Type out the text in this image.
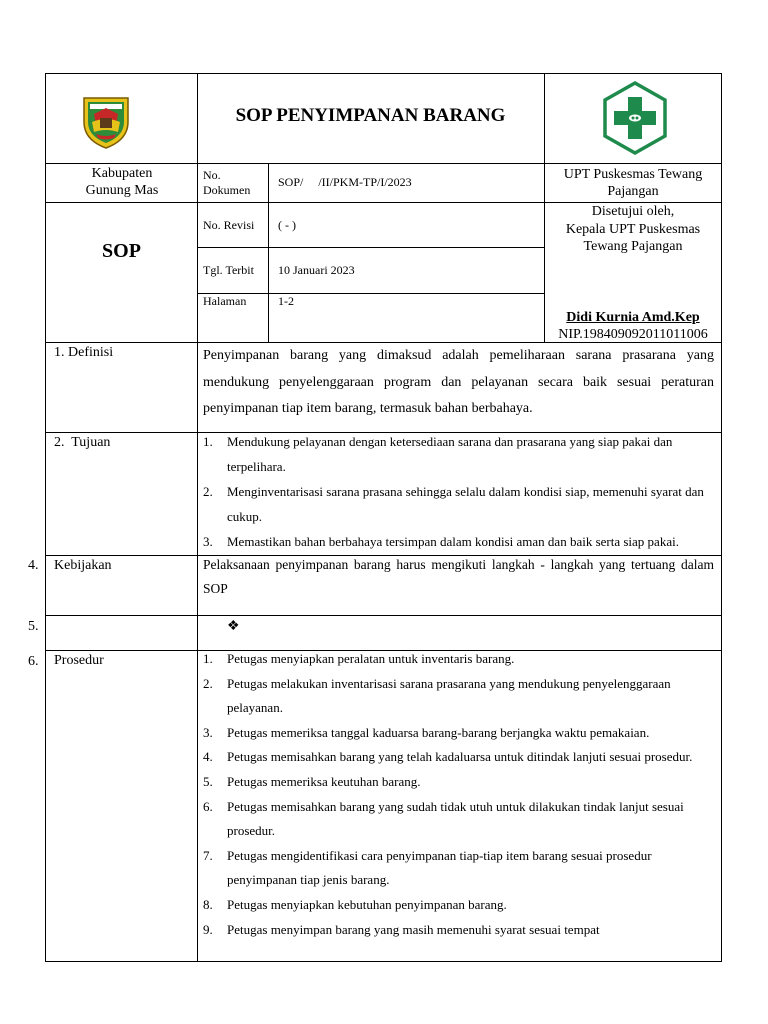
SOP PENYIMPANAN BARANG
Kabupaten Gunung Mas
No. Dokumen
SOP/     /II/PKM-TP/I/2023	UPT Puskesmas Tewang Pajangan
SOP
No. Revisi ( - )
Tgl. Terbit 10 Januari 2023
Halaman	1-2
Disetujui oleh,
Kepala UPT Puskesmas Tewang Pajangan
Didi Kurnia Amd.Kep
NIP.198409092011011006
1. Definisi	Penyimpanan barang yang dimaksud adalah pemeliharaan sarana prasarana yang mendukung penyelenggaraan program dan pelayanan secara baik sesuai peraturan penyimpanan tiap item barang, termasuk bahan berbahaya.
2.  Tujuan	1. Mendukung pelayanan dengan ketersediaan sarana dan prasarana yang siap pakai dan terpelihara.
2. Menginventarisasi sarana prasana sehingga selalu dalam kondisi siap, memenuhi syarat dan cukup.
3. Memastikan bahan berbahaya tersimpan dalam kondisi aman dan baik serta siap pakai.
4. Kebijakan	Pelaksanaan penyimpanan barang harus mengikuti langkah - langkah yang tertuang dalam SOP
5.	❖
6. Prosedur	1. Petugas menyiapkan peralatan untuk inventaris barang.
2. Petugas melakukan inventarisasi sarana prasarana yang mendukung penyelenggaraan pelayanan.
3. Petugas memeriksa tanggal kaduarsa barang-barang berjangka waktu pemakaian.
4. Petugas memisahkan barang yang telah kadaluarsa untuk ditindak lanjuti sesuai prosedur.
5. Petugas memeriksa keutuhan barang.
6. Petugas memisahkan barang yang sudah tidak utuh untuk dilakukan tindak lanjut sesuai prosedur.
7. Petugas mengidentifikasi cara penyimpanan tiap-tiap item barang sesuai prosedur penyimpanan tiap jenis barang.
8. Petugas menyiapkan kebutuhan penyimpanan barang.
9. Petugas menyimpan barang yang masih memenuhi syarat sesuai tempat
